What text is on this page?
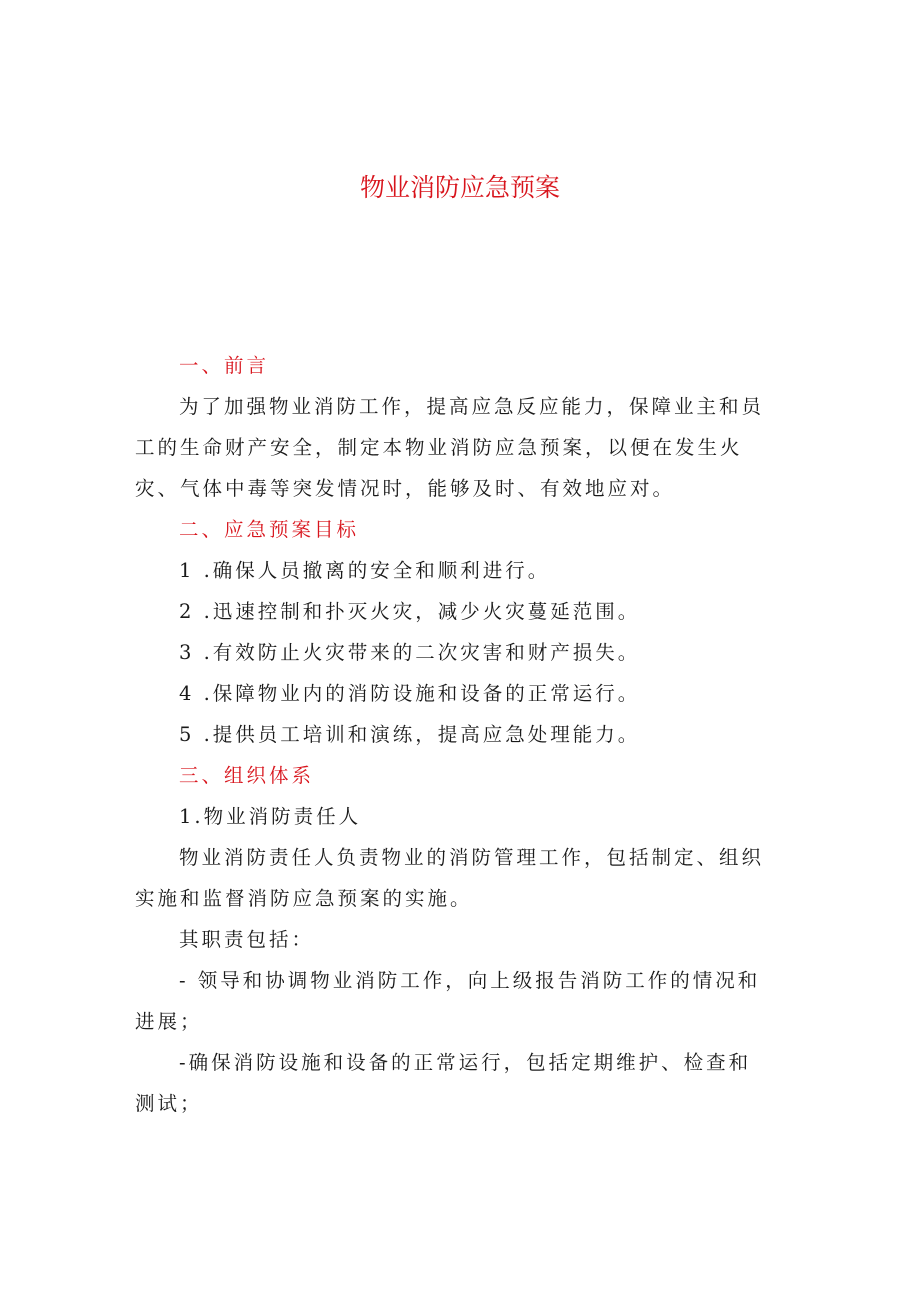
物业消防应急预案

一、前言

为了加强物业消防工作，提高应急反应能力，保障业主和员工的生命财产安全，制定本物业消防应急预案，以便在发生火灾、气体中毒等突发情况时，能够及时、有效地应对。

二、应急预案目标

1 .确保人员撤离的安全和顺利进行。

2 .迅速控制和扑灭火灾，减少火灾蔓延范围。

3 .有效防止火灾带来的二次灾害和财产损失。

4 .保障物业内的消防设施和设备的正常运行。

5 .提供员工培训和演练，提高应急处理能力。

三、组织体系

1.物业消防责任人

物业消防责任人负责物业的消防管理工作，包括制定、组织实施和监督消防应急预案的实施。

其职责包括：

- 领导和协调物业消防工作，向上级报告消防工作的情况和进展；

-确保消防设施和设备的正常运行，包括定期维护、检查和测试；
